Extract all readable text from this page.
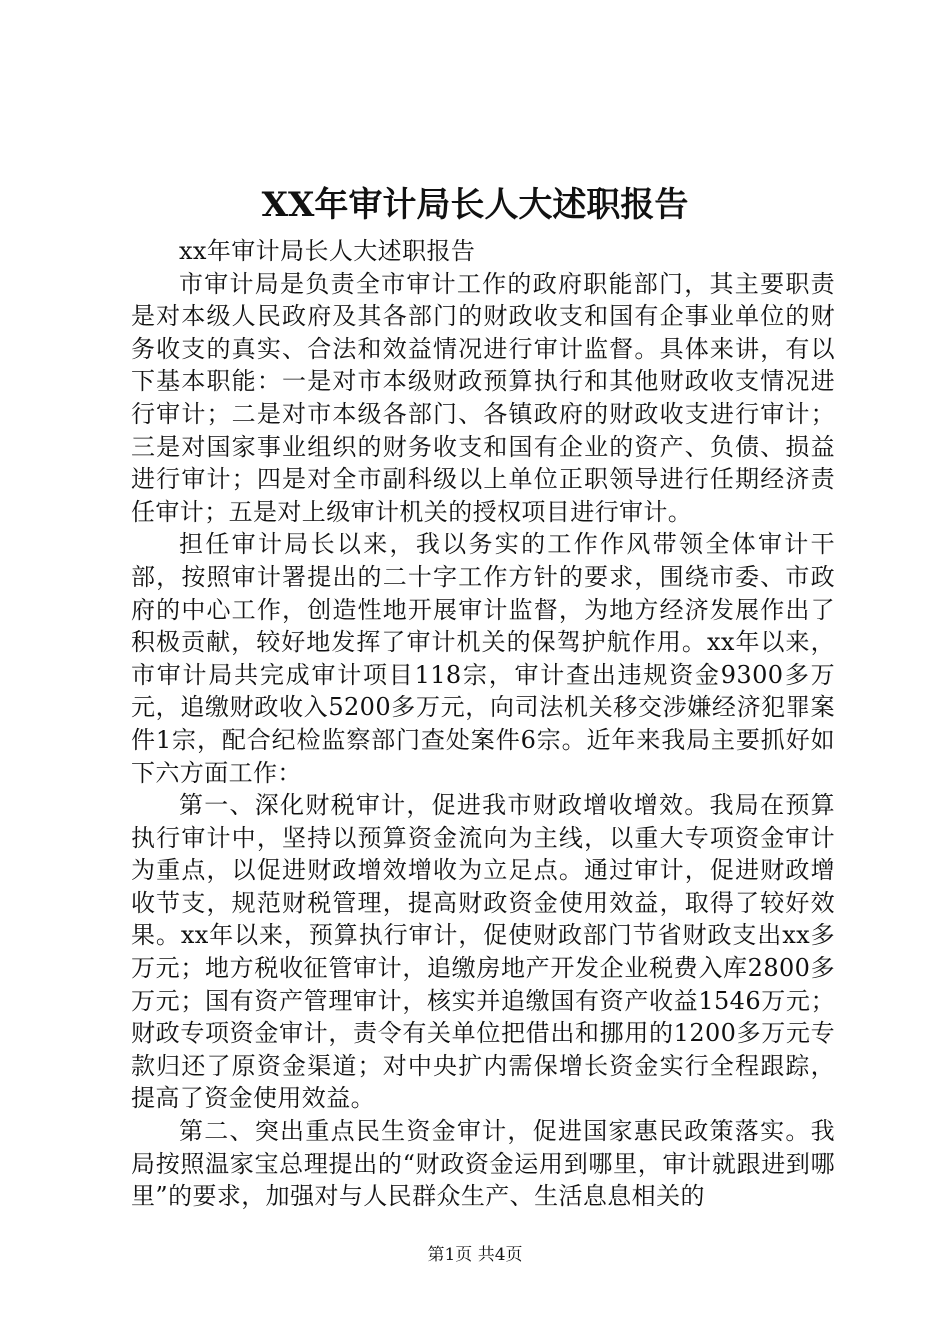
XX年审计局长人大述职报告

xx年审计局长人大述职报告

市审计局是负责全市审计工作的政府职能部门，其主要职责是对本级人民政府及其各部门的财政收支和国有企事业单位的财务收支的真实、合法和效益情况进行审计监督。具体来讲，有以下基本职能：一是对市本级财政预算执行和其他财政收支情况进行审计；二是对市本级各部门、各镇政府的财政收支进行审计；三是对国家事业组织的财务收支和国有企业的资产、负债、损益进行审计；四是对全市副科级以上单位正职领导进行任期经济责任审计；五是对上级审计机关的授权项目进行审计。

担任审计局长以来，我以务实的工作作风带领全体审计干部，按照审计署提出的二十字工作方针的要求，围绕市委、市政府的中心工作，创造性地开展审计监督，为地方经济发展作出了积极贡献，较好地发挥了审计机关的保驾护航作用。xx年以来，市审计局共完成审计项目118宗，审计查出违规资金9300多万元，追缴财政收入5200多万元，向司法机关移交涉嫌经济犯罪案件1宗，配合纪检监察部门查处案件6宗。近年来我局主要抓好如下六方面工作：

第一、深化财税审计，促进我市财政增收增效。我局在预算执行审计中，坚持以预算资金流向为主线，以重大专项资金审计为重点，以促进财政增效增收为立足点。通过审计，促进财政增收节支，规范财税管理，提高财政资金使用效益，取得了较好效果。xx年以来，预算执行审计，促使财政部门节省财政支出xx多万元；地方税收征管审计，追缴房地产开发企业税费入库2800多万元；国有资产管理审计，核实并追缴国有资产收益1546万元；财政专项资金审计，责令有关单位把借出和挪用的1200多万元专款归还了原资金渠道；对中央扩内需保增长资金实行全程跟踪，提高了资金使用效益。

第二、突出重点民生资金审计，促进国家惠民政策落实。我局按照温家宝总理提出的“财政资金运用到哪里，审计就跟进到哪里”的要求，加强对与人民群众生产、生活息息相关的

第1页 共4页
